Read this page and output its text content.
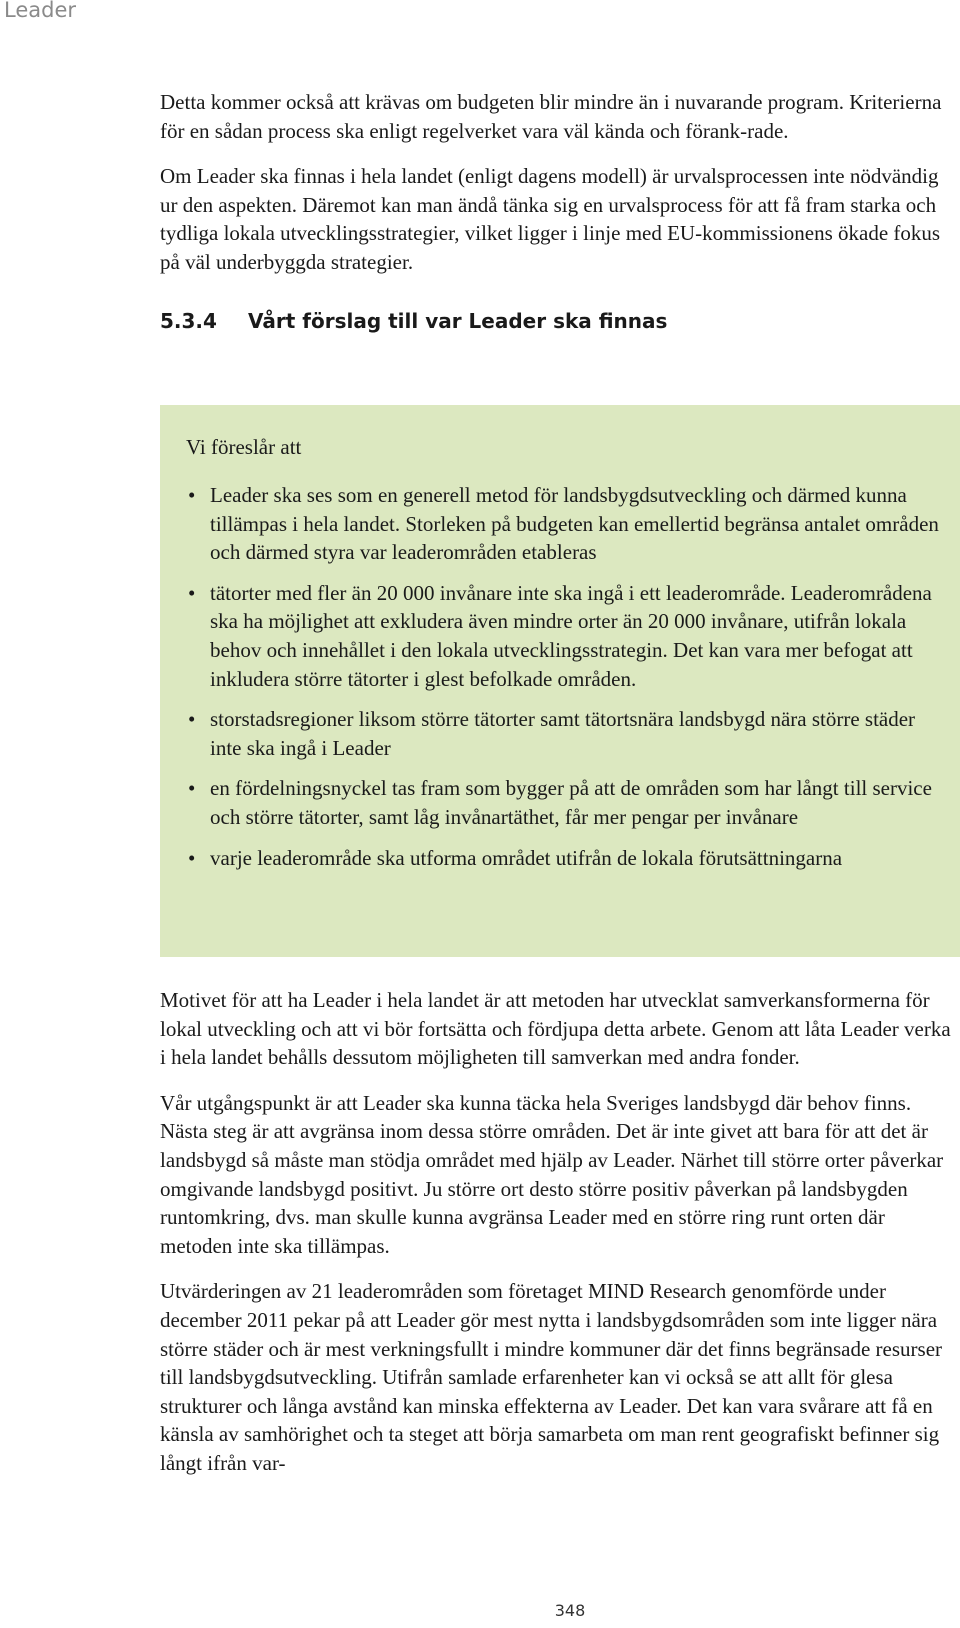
Leader

Detta kommer också att krävas om budgeten blir mindre än i nuvarande program. Kriterierna för en sådan process ska enligt regelverket vara väl kända och förank-rade.

Om Leader ska finnas i hela landet (enligt dagens modell) är urvalsprocessen inte nödvändig ur den aspekten. Däremot kan man ändå tänka sig en urvalsprocess för att få fram starka och tydliga lokala utvecklingsstrategier, vilket ligger i linje med EU-kommissionens ökade fokus på väl underbyggda strategier.

5.3.4	Vårt förslag till var Leader ska finnas
Vi föreslår att
• Leader ska ses som en generell metod för landsbygdsutveckling och därmed kunna tillämpas i hela landet. Storleken på budgeten kan emellertid begränsa antalet områden och därmed styra var leaderområden etableras
• tätorter med fler än 20 000 invånare inte ska ingå i ett leaderområde. Leaderområdena ska ha möjlighet att exkludera även mindre orter än 20 000 invånare, utifrån lokala behov och innehållet i den lokala utvecklingsstrategin. Det kan vara mer befogat att inkludera större tätorter i glest befolkade områden.
• storstadsregioner liksom större tätorter samt tätortsnära landsbygd nära större städer inte ska ingå i Leader
• en fördelningsnyckel tas fram som bygger på att de områden som har långt till service och större tätorter, samt låg invånartäthet, får mer pengar per invånare
• varje leaderområde ska utforma området utifrån de lokala förutsättningarna

Motivet för att ha Leader i hela landet är att metoden har utvecklat samverkansformerna för lokal utveckling och att vi bör fortsätta och fördjupa detta arbete. Genom att låta Leader verka i hela landet behålls dessutom möjligheten till samverkan med andra fonder.

Vår utgångspunkt är att Leader ska kunna täcka hela Sveriges landsbygd där behov finns. Nästa steg är att avgränsa inom dessa större områden. Det är inte givet att bara för att det är landsbygd så måste man stödja området med hjälp av Leader. Närhet till större orter påverkar omgivande landsbygd positivt. Ju större ort desto större positiv påverkan på landsbygden runtomkring, dvs. man skulle kunna avgränsa Leader med en större ring runt orten där metoden inte ska tillämpas.

Utvärderingen av 21 leaderområden som företaget MIND Research genomförde under december 2011 pekar på att Leader gör mest nytta i landsbygdsområden som inte ligger nära större städer och är mest verkningsfullt i mindre kommuner där det finns begränsade resurser till landsbygdsutveckling. Utifrån samlade erfarenheter kan vi också se att allt för glesa strukturer och långa avstånd kan minska effekterna av Leader. Det kan vara svårare att få en känsla av samhörighet och ta steget att börja samarbeta om man rent geografiskt befinner sig långt ifrån var-

348
